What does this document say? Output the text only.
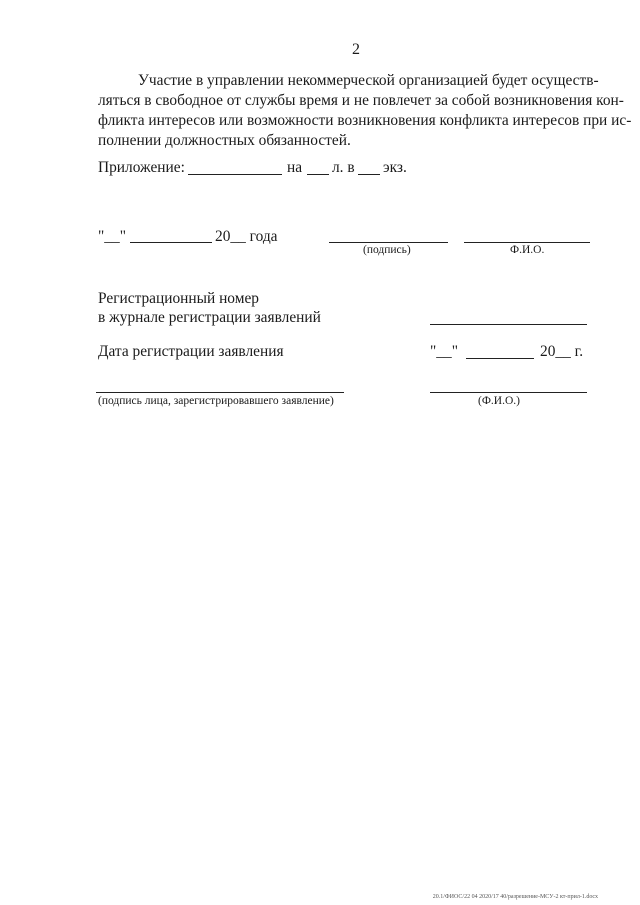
2
Участие в управлении некоммерческой организацией будет осуществ-
ляться в свободное от службы время и не повлечет за собой возникновения кон-
фликта интересов или возможности возникновения конфликта интересов при ис-
полнении должностных обязанностей.
Приложение:	на л. в экз.
"__"	20__ года
(подпись)	Ф.И.О.
Регистрационный номер
в журнале регистрации заявлений
Дата регистрации заявления	"__"	20__ г.
(подпись лица, зарегистрировавшего заявление)	(Ф.И.О.)
20.1/ФИОС/22 04 2020/17 40/разрешение-МСУ-2 кт-прил-1.docx
